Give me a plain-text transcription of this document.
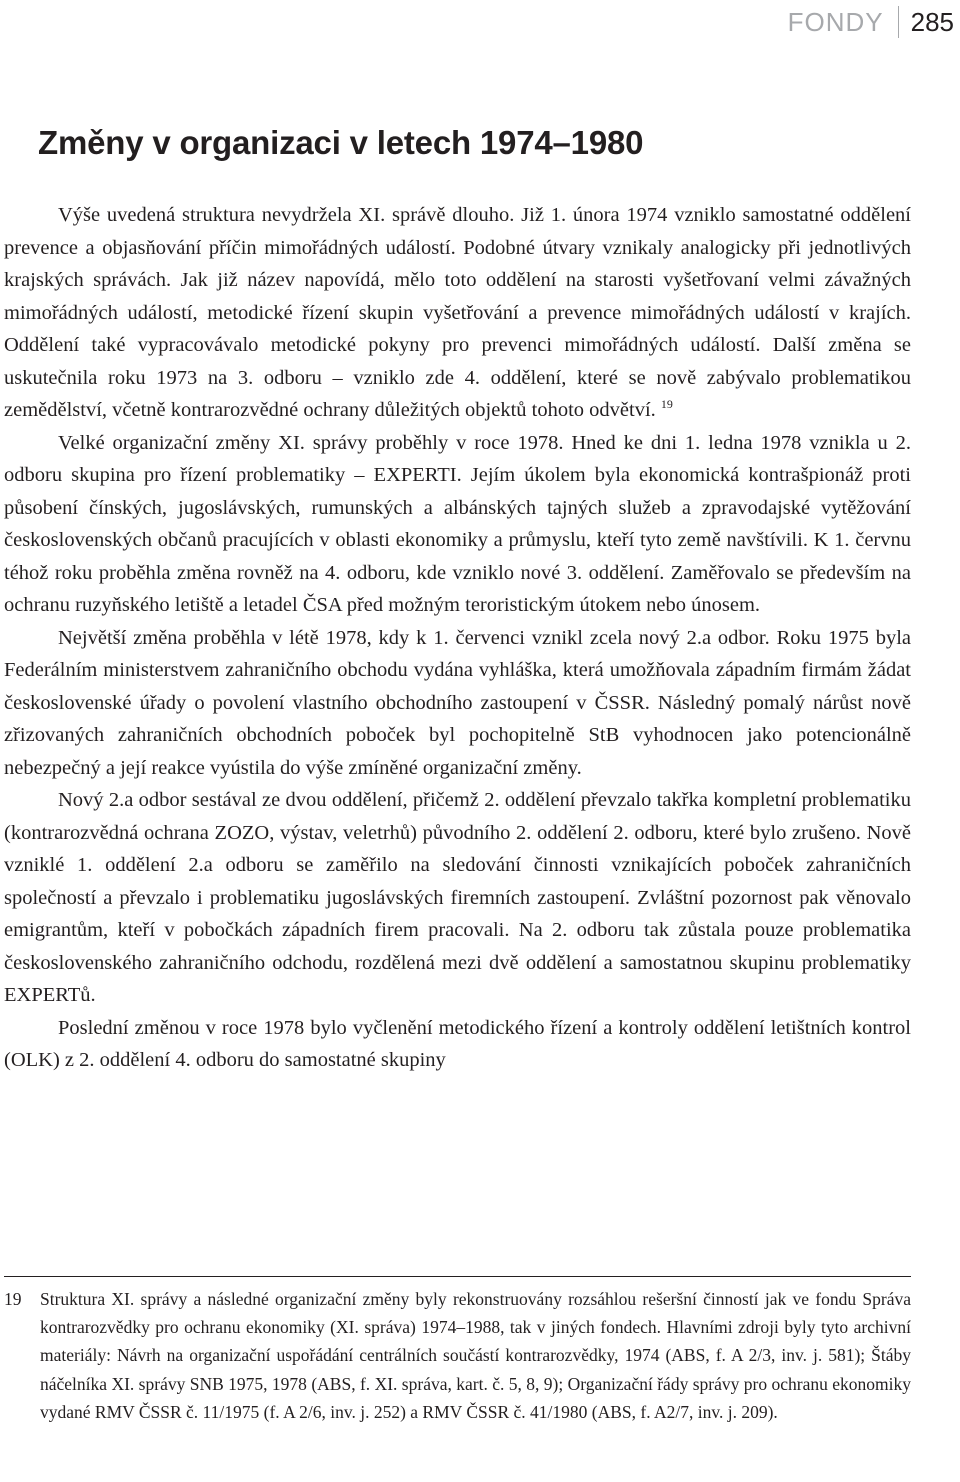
FONDY	285
Změny v organizaci v letech 1974–1980

Výše uvedená struktura nevydržela XI. správě dlouho. Již 1. února 1974 vzniklo samostatné oddělení prevence a objasňování příčin mimořádných událostí. Podobné útvary vznikaly analogicky při jednotlivých krajských správách. Jak již název napovídá, mělo toto oddělení na starosti vyšetřovaní velmi závažných mimořádných událostí, metodické řízení skupin vyšetřování a prevence mimořádných událostí v krajích. Oddělení také vypracovávalo metodické pokyny pro prevenci mimořádných událostí. Další změna se uskutečnila roku 1973 na 3. odboru – vzniklo zde 4. oddělení, které se nově zabývalo problematikou zemědělství, včetně kontrarozvědné ochrany důležitých objektů tohoto odvětví. $^{19}$

Velké organizační změny XI. správy proběhly v roce 1978. Hned ke dni 1. ledna 1978 vznikla u 2. odboru skupina pro řízení problematiky – EXPERTI. Jejím úkolem byla ekonomická kontrašpionáž proti působení čínských, jugoslávských, rumunských a albánských tajných služeb a zpravodajské vytěžování československých občanů pracujících v oblasti ekonomiky a průmyslu, kteří tyto země navštívili. K 1. červnu téhož roku proběhla změna rovněž na 4. odboru, kde vzniklo nové 3. oddělení. Zaměřovalo se především na ochranu ruzyňského letiště a letadel ČSA před možným teroristickým útokem nebo únosem.

Největší změna proběhla v létě 1978, kdy k 1. červenci vznikl zcela nový 2.a odbor. Roku 1975 byla Federálním ministerstvem zahraničního obchodu vydána vyhláška, která umožňovala západním firmám žádat československé úřady o povolení vlastního obchodního zastoupení v ČSSR. Následný pomalý nárůst nově zřizovaných zahraničních obchodních poboček byl pochopitelně StB vyhodnocen jako potencionálně nebezpečný a její reakce vyústila do výše zmíněné organizační změny.

Nový 2.a odbor sestával ze dvou oddělení, přičemž 2. oddělení převzalo takřka kompletní problematiku (kontrarozvědná ochrana ZOZO, výstav, veletrhů) původního 2. oddělení 2. odboru, které bylo zrušeno. Nově vzniklé 1. oddělení 2.a odboru se zaměřilo na sledování činnosti vznikajících poboček zahraničních společností a převzalo i problematiku jugoslávských firemních zastoupení. Zvláštní pozornost pak věnovalo emigrantům, kteří v pobočkách západních firem pracovali. Na 2. odboru tak zůstala pouze problematika československého zahraničního odchodu, rozdělená mezi dvě oddělení a samostatnou skupinu problematiky EXPERTů.

Poslední změnou v roce 1978 bylo vyčlenění metodického řízení a kontroly oddělení letištních kontrol (OLK) z 2. oddělení 4. odboru do samostatné skupiny

19	Struktura XI. správy a následné organizační změny byly rekonstruovány rozsáhlou rešeršní činností jak ve fondu Správa kontrarozvědky pro ochranu ekonomiky (XI. správa) 1974–1988, tak v jiných fondech. Hlavními zdroji byly tyto archivní materiály: Návrh na organizační uspořádání centrálních součástí kontrarozvědky, 1974 (ABS, f. A 2/3, inv. j. 581); Štáby náčelníka XI. správy SNB 1975, 1978 (ABS, f. XI. správa, kart. č. 5, 8, 9); Organizační řády správy pro ochranu ekonomiky vydané RMV ČSSR č. 11/1975 (f. A 2/6, inv. j. 252) a RMV ČSSR č. 41/1980 (ABS, f. A2/7, inv. j. 209).
